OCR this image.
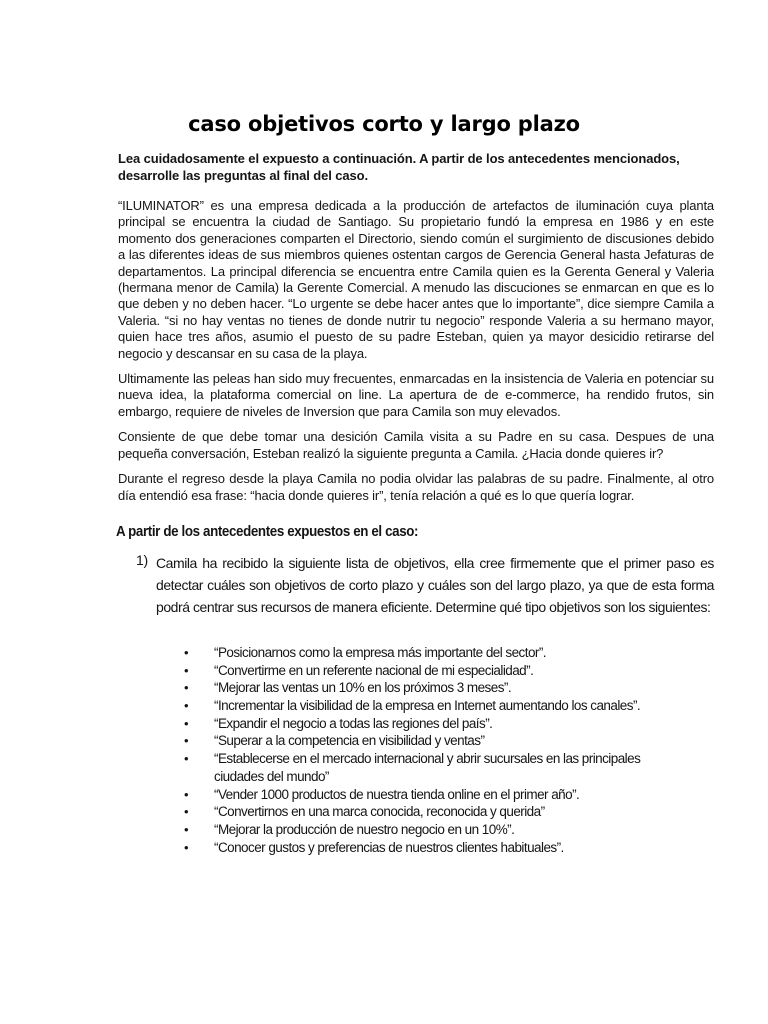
caso objetivos corto y largo plazo

Lea cuidadosamente el expuesto a continuación. A partir de los antecedentes mencionados, desarrolle las preguntas al final del caso.

“ILUMINATOR” es una empresa dedicada a la producción de artefactos de iluminación cuya planta principal se encuentra la ciudad de Santiago. Su propietario fundó la empresa en 1986 y en este momento dos generaciones comparten el Directorio, siendo común el surgimiento de discusiones debido a las diferentes ideas de sus miembros quienes ostentan cargos de Gerencia General hasta Jefaturas de departamentos. La principal diferencia se encuentra entre Camila quien es la Gerenta General y Valeria (hermana menor de Camila) la Gerente Comercial. A menudo las discuciones se enmarcan en que es lo que deben y no deben hacer. “Lo urgente se debe hacer antes que lo importante”, dice siempre Camila a Valeria. “si no hay ventas no tienes de donde nutrir tu negocio” responde Valeria a su hermano mayor, quien hace tres años, asumio el puesto de su padre Esteban, quien ya mayor desicidio retirarse del negocio y descansar en su casa de la playa.

Ultimamente las peleas han sido muy frecuentes, enmarcadas en la insistencia de Valeria en potenciar su nueva idea, la plataforma comercial on line. La apertura de de e-commerce, ha rendido frutos, sin embargo, requiere de niveles de Inversion que para Camila son muy elevados.

Consiente de que debe tomar una desición Camila visita a su Padre en su casa. Despues de una pequeña conversación, Esteban realizó la siguiente pregunta a Camila. ¿Hacia donde quieres ir?

Durante el regreso desde la playa Camila no podia olvidar las palabras de su padre. Finalmente, al otro día entendió esa frase: “hacia donde quieres ir”, tenía relación a qué es lo que quería lograr.

A partir de los antecedentes expuestos en el caso:
1) Camila ha recibido la siguiente lista de objetivos, ella cree firmemente que el primer paso es detectar cuáles son objetivos de corto plazo y cuáles son del largo plazo, ya que de esta forma podrá centrar sus recursos de manera eficiente. Determine qué tipo objetivos son los siguientes:

• “Posicionarnos como la empresa más importante del sector”.
• “Convertirme en un referente nacional de mi especialidad”.
• “Mejorar las ventas un 10% en los próximos 3 meses”.
• “Incrementar la visibilidad de la empresa en Internet aumentando los canales”.
• “Expandir el negocio a todas las regiones del país”.
• “Superar a la competencia en visibilidad y ventas”
• “Establecerse en el mercado internacional y abrir sucursales en las principales ciudades del mundo”
• “Vender 1000 productos de nuestra tienda online en el primer año”.
• “Convertirnos en una marca conocida, reconocida y querida”
• “Mejorar la producción de nuestro negocio en un 10%”.
• “Conocer gustos y preferencias de nuestros clientes habituales”.
